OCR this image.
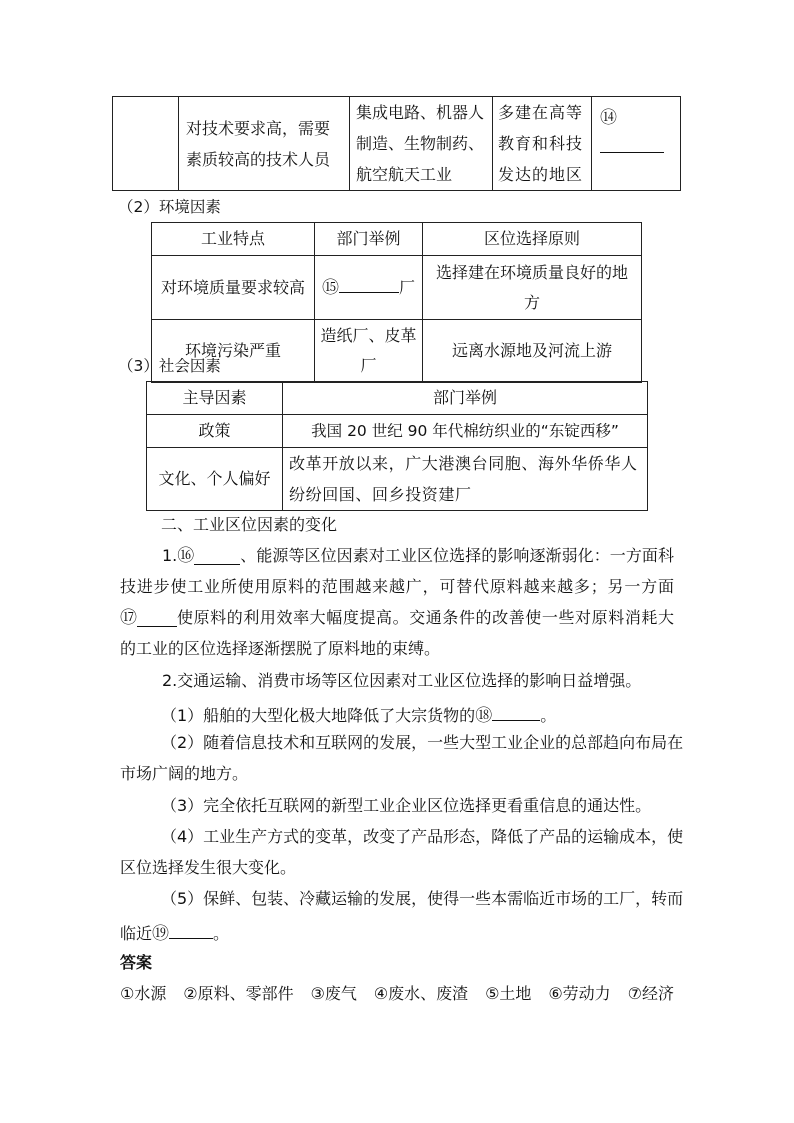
	对技术要求高，需要素质较高的技术人员	集成电路、机器人制造、生物制药、航空航天工业	多建在高等教育和科技发达的地区	⑭
（2）环境因素
工业特点	部门举例	区位选择原则
对环境质量要求较高	⑮ 厂	选择建在环境质量良好的地方
环境污染严重	造纸厂、皮革厂	远离水源地及河流上游
（3）社会因素
主导因素	部门举例
政策	我国 20 世纪 90 年代棉纺织业的“东锭西移”
文化、个人偏好	改革开放以来，广大港澳台同胞、海外华侨华人纷纷回国、回乡投资建厂
二、工业区位因素的变化
1. ⑯	、能源等区位因素对工业区位选择的影响逐渐弱化：一方面科
技进步使工业所使用原料的范围越来越广，可替代原料越来越多；另一方面
⑰	使原料的利用效率大幅度提高。交通条件的改善使一些对原料消耗大
的工业的区位选择逐渐摆脱了原料地的束缚。
2.交通运输、消费市场等区位因素对工业区位选择的影响日益增强。
（1）船舶的大型化极大地降低了大宗货物的⑱	。
（2）随着信息技术和互联网的发展，一些大型工业企业的总部趋向布局在
市场广阔的地方。
（3）完全依托互联网的新型工业企业区位选择更看重信息的通达性。
（4）工业生产方式的变革，改变了产品形态，降低了产品的运输成本，使
区位选择发生很大变化。
（5）保鲜、包装、冷藏运输的发展，使得一些本需临近市场的工厂，转而
临近⑲	。
答案
①水源 ②原料、零部件 ③废气 ④废水、废渣 ⑤土地 ⑥劳动力 ⑦经济
